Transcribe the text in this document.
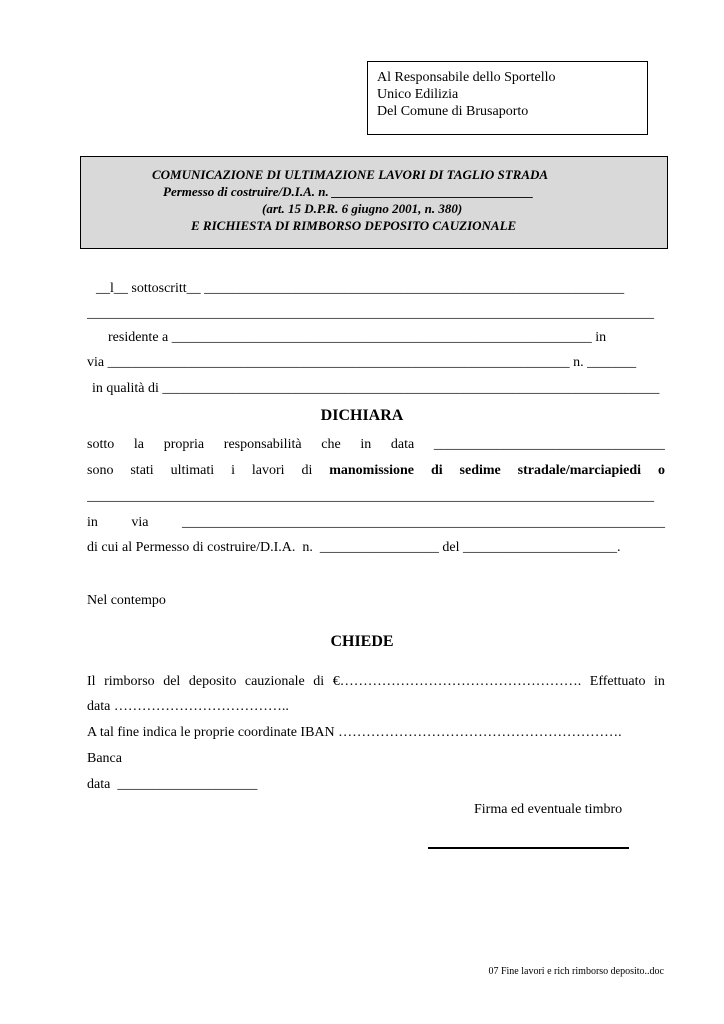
Al Responsabile dello Sportello
Unico Edilizia
Del Comune di Brusaporto
COMUNICAZIONE DI ULTIMAZIONE LAVORI DI TAGLIO STRADA
Permesso di costruire/D.I.A. n. _______________________________
(art. 15 D.P.R. 6 giugno 2001, n. 380)
E RICHIESTA DI RIMBORSO DEPOSITO CAUZIONALE
__l__ sottoscritt__ ____________________________________________________________
_________________________________________________________________________________
residente a ____________________________________________________________ in
via __________________________________________________________________ n. _______
in qualità di _______________________________________________________________________
DICHIARA
sotto la propria responsabilità che in data _________________________________
sono stati ultimati i lavori di manomissione di sedime stradale/marciapiedi o
_________________________________________________________________________________
in via _____________________________________________________________________
di cui al Permesso di costruire/D.I.A.  n.  _________________ del ______________________.
Nel contempo
CHIEDE
Il rimborso del deposito cauzionale di €……………………………………………. Effettuato in
data ………………………………..
A tal fine indica le proprie coordinate IBAN …………………………………………………….
Banca
data  ____________________
Firma ed eventuale timbro
07 Fine lavori e rich rimborso deposito..doc
